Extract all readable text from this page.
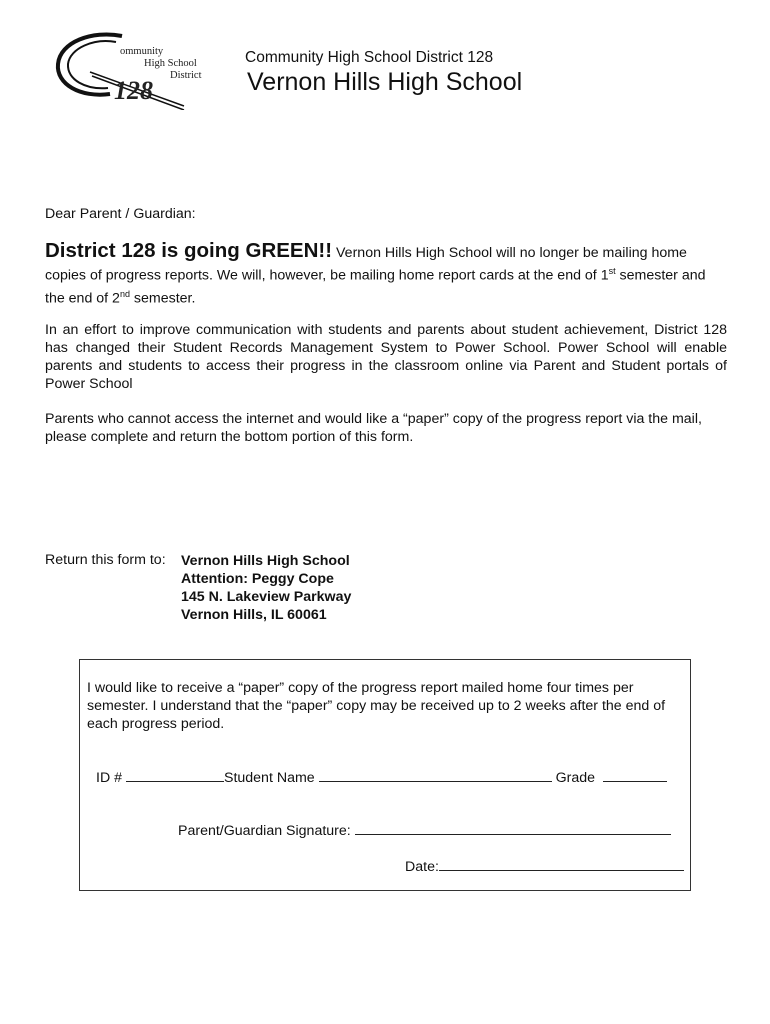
ommunity
High School
District
128
Community High School District 128
Vernon Hills High School

Dear Parent / Guardian:

District 128 is going GREEN!! Vernon Hills High School will no longer be mailing home copies of progress reports. We will, however, be mailing home report cards at the end of 1st semester and the end of 2nd semester.

In an effort to improve communication with students and parents about student achievement, District 128 has changed their Student Records Management System to Power School. Power School will enable parents and students to access their progress in the classroom online via Parent and Student portals of Power School

Parents who cannot access the internet and would like a “paper” copy of the progress report via the mail, please complete and return the bottom portion of this form.

Return this form to: Vernon Hills High School
Attention: Peggy Cope
145 N. Lakeview Parkway
Vernon Hills, IL 60061

I would like to receive a “paper” copy of the progress report mailed home four times per semester. I understand that the “paper” copy may be received up to 2 weeks after the end of each progress period.

ID #	Student Name	Grade
Parent/Guardian Signature:
Date:
